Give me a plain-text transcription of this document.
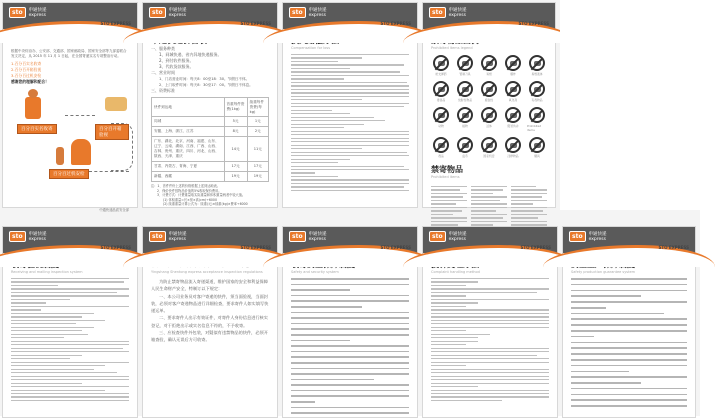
sto	申通快递
express
STO EXPRESS
根据中央综治办、公安部、交通部、国家邮政局、国家安全部等九部委联合发文决定，从 2015 年 11 月 1 日起，在全国寄递实名专项整治行动。
1.百分百实名收寄
2.百分百开箱验视
3.百分百过机安检
感谢您的理解和配合！
百分百实名收寄	百分百开箱验视
百分百过机安检
中通快递品质安全部
sto	申通快递
express
STO EXPRESS
一、服务种类
1、同城快递、省内异地快递服务。
2、到付收件服务。
3、代收货款服务。
二、营业时间
1、门店营业时间：每天8：00至18：30。节假日不休。
2、上门取件时间：每天8：30至17：00。节假日不休息。
三、资费标准
快件到达地	首重每件资费(1kg)	续重每件资费(每kg)
同城	5元	1元
安徽、上海、浙江、江苏	8元	2元
广东、湖北、北京、河南、福建、山东、辽宁、云南、湖南、江西、广西、山西、吉林、贵州、重庆、四川、河北、山西、陕西、天津、重庆	14元	11元
甘肃、内蒙古、青海、宁夏	17元	17元
新疆、西藏	19元	19元
注：1、首件件份上述的价格根据上述到达地表。
2、保价快件按物品价值的5%收取保价费用。
3、计费方式：计费重量取实际重量和体积重量两者中较大值。
(1) 体积重量=长×宽×高(cm)÷6000
(2) 续重重量计算公式为：续重(元)×续重(kg)×费率÷6000
sto	申通快递
express
STO EXPRESS
Compensation for loss
sto	申通快递
express
STO EXPRESS
Prohibited items legend
枪支弹药	管制刀具	易燃	爆炸	易燃液体
毒害品	放射性物品	腐蚀性	氧化剂	有毒物品
动物	植物	活体	假冒伪劣	Prohibited items
毒品	货币	国家机密	淫秽物品	赌具
禁寄物品
Prohibited items
sto	申通快递
express
STO EXPRESS
Receiving and mailing inspection system
sto	申通快递
express
STO EXPRESS
Yingshang Shentong express acceptance inspection regulations
为防止禁寄物品流入寄递渠道，维护国家的安全和利益保障人民生命财产安全，特制订以下规定：
一、本公司业务员对客户寄递的快件，须当面验视，当面封装，必须对客户寄递物品进行详细检查，要求寄件人如实填写快递运单。
二、要求寄件人出示有效证件，对寄件人身份信息进行核实登记，对于拒绝出示或实名信息不符的，不予收寄。
三、应检查快件外包装，对疑似有违禁物品的快件，必须开箱查验，确认无误后方可收寄。
sto	申通快递
express
STO EXPRESS
Safety and security system
sto	申通快递
express
STO EXPRESS
Complaint handling method
sto	申通快递
express
STO EXPRESS
Safety production guarantee system
